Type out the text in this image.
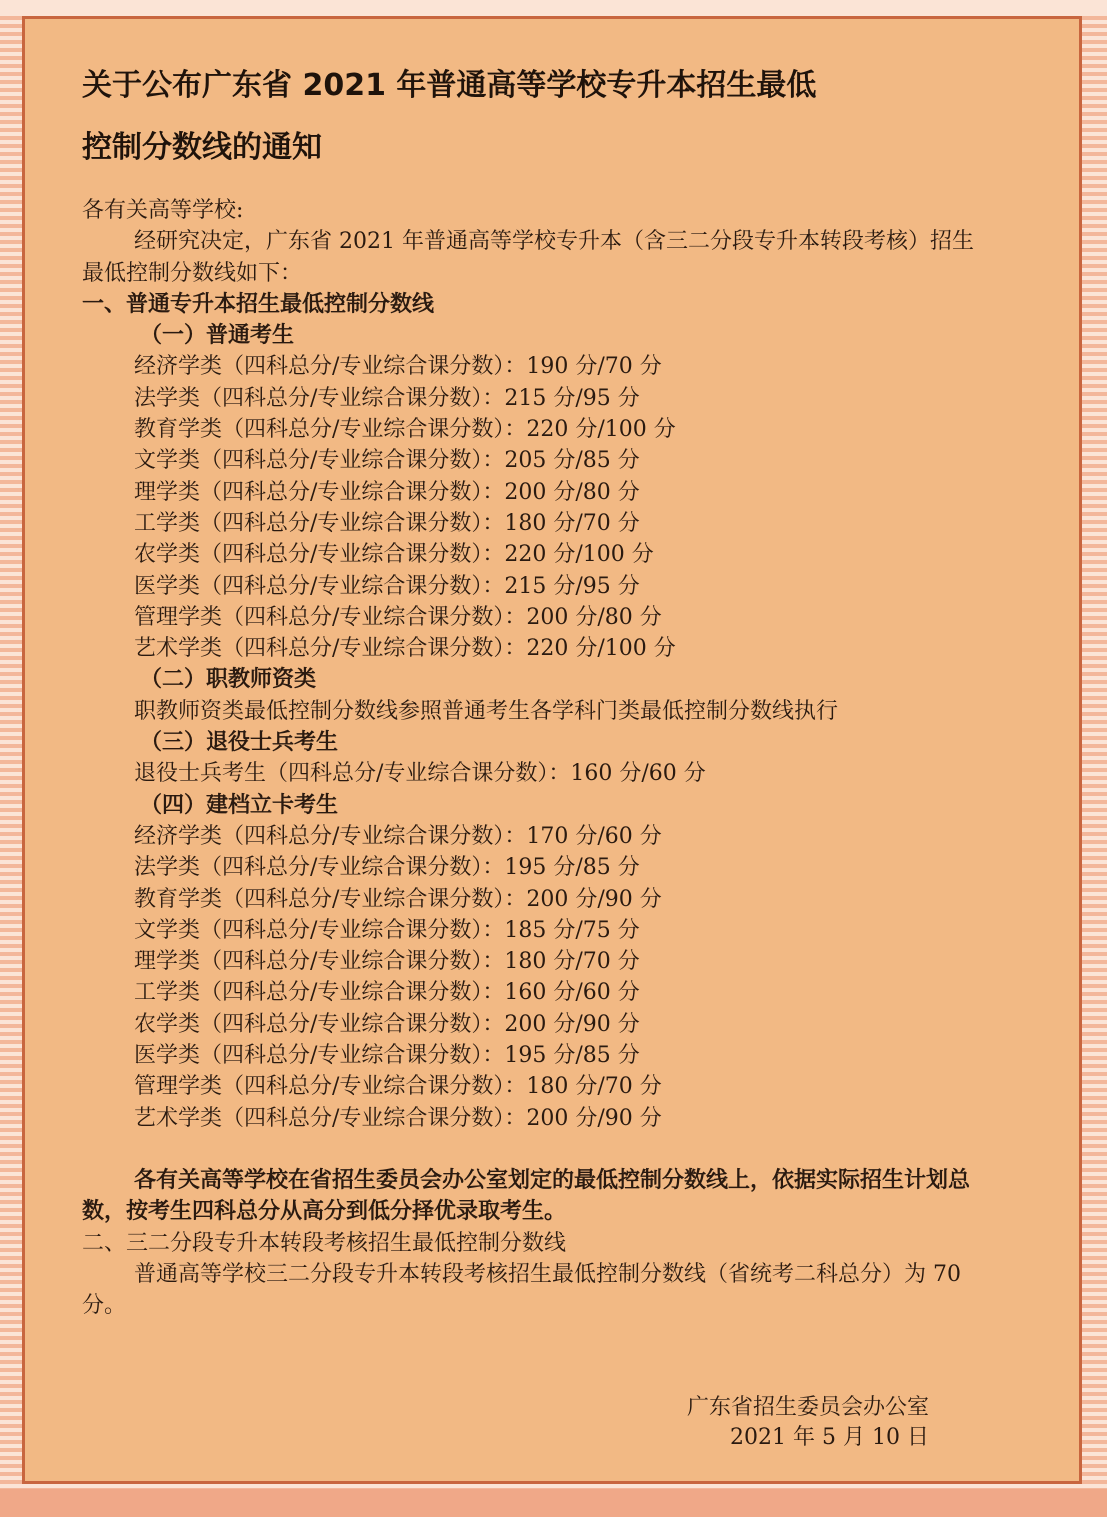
关于公布广东省 2021 年普通高等学校专升本招生最低
控制分数线的通知
各有关高等学校:
经研究决定，广东省 2021 年普通高等学校专升本（含三二分段专升本转段考核）招生最低控制分数线如下：
一、普通专升本招生最低控制分数线
（一）普通考生
经济学类（四科总分/专业综合课分数）：190 分/70 分
法学类（四科总分/专业综合课分数）：215 分/95 分
教育学类（四科总分/专业综合课分数）：220 分/100 分
文学类（四科总分/专业综合课分数）：205 分/85 分
理学类（四科总分/专业综合课分数）：200 分/80 分
工学类（四科总分/专业综合课分数）：180 分/70 分
农学类（四科总分/专业综合课分数）：220 分/100 分
医学类（四科总分/专业综合课分数）：215 分/95 分
管理学类（四科总分/专业综合课分数）：200 分/80 分
艺术学类（四科总分/专业综合课分数）：220 分/100 分
（二）职教师资类
职教师资类最低控制分数线参照普通考生各学科门类最低控制分数线执行
（三）退役士兵考生
退役士兵考生（四科总分/专业综合课分数）：160 分/60 分
（四）建档立卡考生
经济学类（四科总分/专业综合课分数）：170 分/60 分
法学类（四科总分/专业综合课分数）：195 分/85 分
教育学类（四科总分/专业综合课分数）：200 分/90 分
文学类（四科总分/专业综合课分数）：185 分/75 分
理学类（四科总分/专业综合课分数）：180 分/70 分
工学类（四科总分/专业综合课分数）：160 分/60 分
农学类（四科总分/专业综合课分数）：200 分/90 分
医学类（四科总分/专业综合课分数）：195 分/85 分
管理学类（四科总分/专业综合课分数）：180 分/70 分
艺术学类（四科总分/专业综合课分数）：200 分/90 分
各有关高等学校在省招生委员会办公室划定的最低控制分数线上，依据实际招生计划总数，按考生四科总分从高分到低分择优录取考生。
二、三二分段专升本转段考核招生最低控制分数线
普通高等学校三二分段专升本转段考核招生最低控制分数线（省统考二科总分）为 70 分。
广东省招生委员会办公室
2021 年 5 月 10 日
